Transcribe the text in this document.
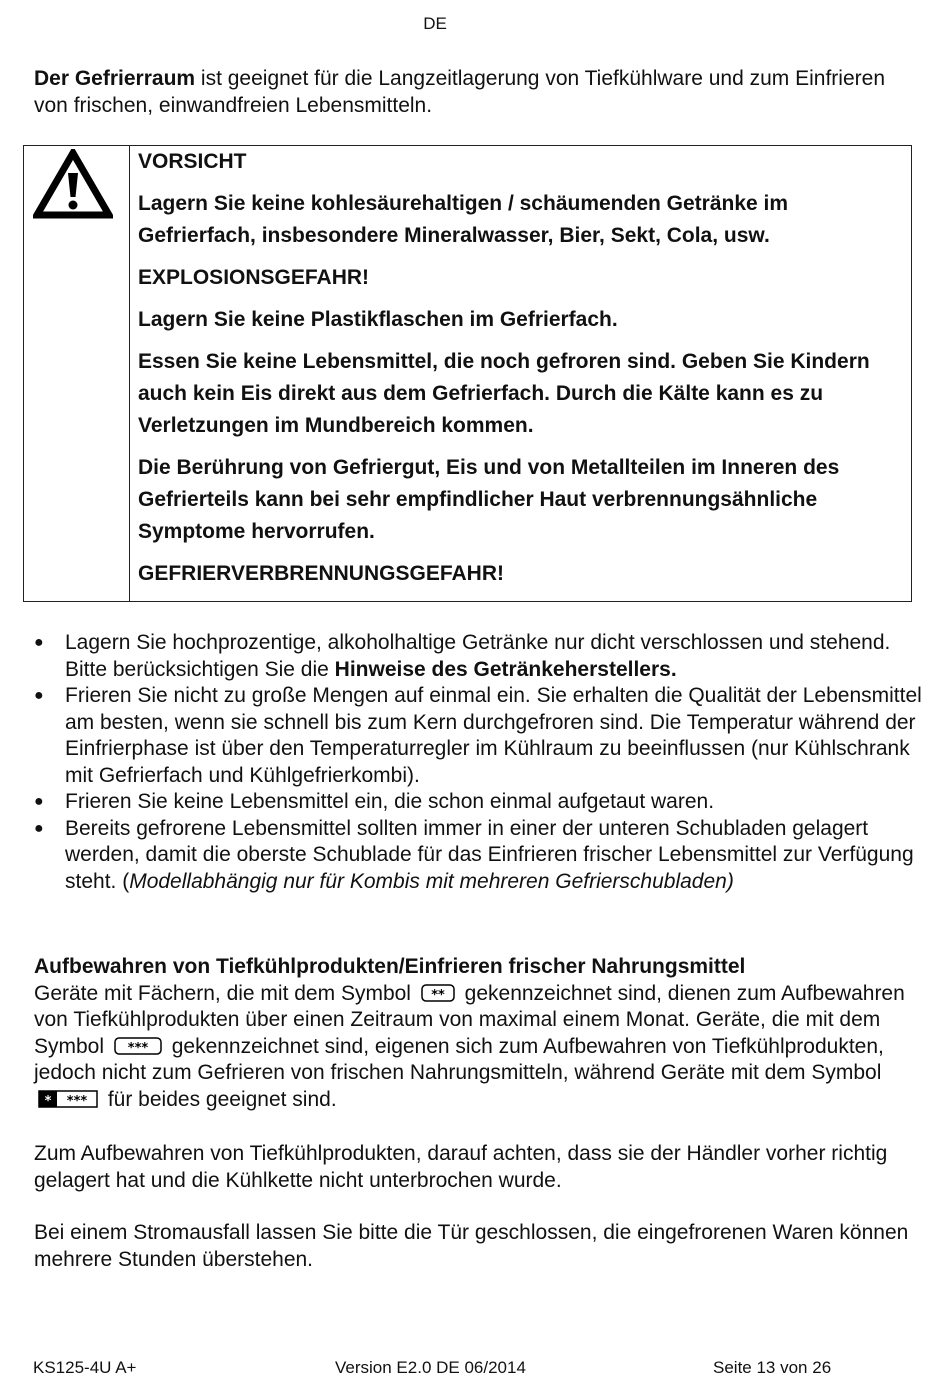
DE

Der Gefrierraum ist geeignet für die Langzeitlagerung von Tiefkühlware und zum Einfrieren von frischen, einwandfreien Lebensmitteln.

VORSICHT

Lagern Sie keine kohlesäurehaltigen / schäumenden Getränke im Gefrierfach, insbesondere Mineralwasser, Bier, Sekt, Cola, usw.

EXPLOSIONSGEFAHR!

Lagern Sie keine Plastikflaschen im Gefrierfach.

Essen Sie keine Lebensmittel, die noch gefroren sind. Geben Sie Kindern auch kein Eis direkt aus dem Gefrierfach. Durch die Kälte kann es zu Verletzungen im Mundbereich kommen.

Die Berührung von Gefriergut, Eis und von Metallteilen im Inneren des Gefrierteils kann bei sehr empfindlicher Haut verbrennungsähnliche Symptome hervorrufen.

GEFRIERVERBRENNUNGSGEFAHR!

● Lagern Sie hochprozentige, alkoholhaltige Getränke nur dicht verschlossen und stehend. Bitte berücksichtigen Sie die Hinweise des Getränkeherstellers.

● Frieren Sie nicht zu große Mengen auf einmal ein. Sie erhalten die Qualität der Lebensmittel am besten, wenn sie schnell bis zum Kern durchgefroren sind. Die Temperatur während der Einfrierphase ist über den Temperaturregler im Kühlraum zu beeinflussen (nur Kühlschrank mit Gefrierfach und Kühlgefrierkombi).

● Frieren Sie keine Lebensmittel ein, die schon einmal aufgetaut waren.

● Bereits gefrorene Lebensmittel sollten immer in einer der unteren Schubladen gelagert werden, damit die oberste Schublade für das Einfrieren frischer Lebensmittel zur Verfügung steht. (Modellabhängig nur für Kombis mit mehreren Gefrierschubladen)

Aufbewahren von Tiefkühlprodukten/Einfrieren frischer Nahrungsmittel

Geräte mit Fächern, die mit dem Symbol ** gekennzeichnet sind, dienen zum Aufbewahren von Tiefkühlprodukten über einen Zeitraum von maximal einem Monat. Geräte, die mit dem Symbol *** gekennzeichnet sind, eigenen sich zum Aufbewahren von Tiefkühlprodukten, jedoch nicht zum Gefrieren von frischen Nahrungsmitteln, während Geräte mit dem Symbol
* *** für beides geeignet sind.

Zum Aufbewahren von Tiefkühlprodukten, darauf achten, dass sie der Händler vorher richtig gelagert hat und die Kühlkette nicht unterbrochen wurde.

Bei einem Stromausfall lassen Sie bitte die Tür geschlossen, die eingefrorenen Waren können mehrere Stunden überstehen.

KS125-4U A+	Version E2.0 DE 06/2014	Seite 13 von 26
